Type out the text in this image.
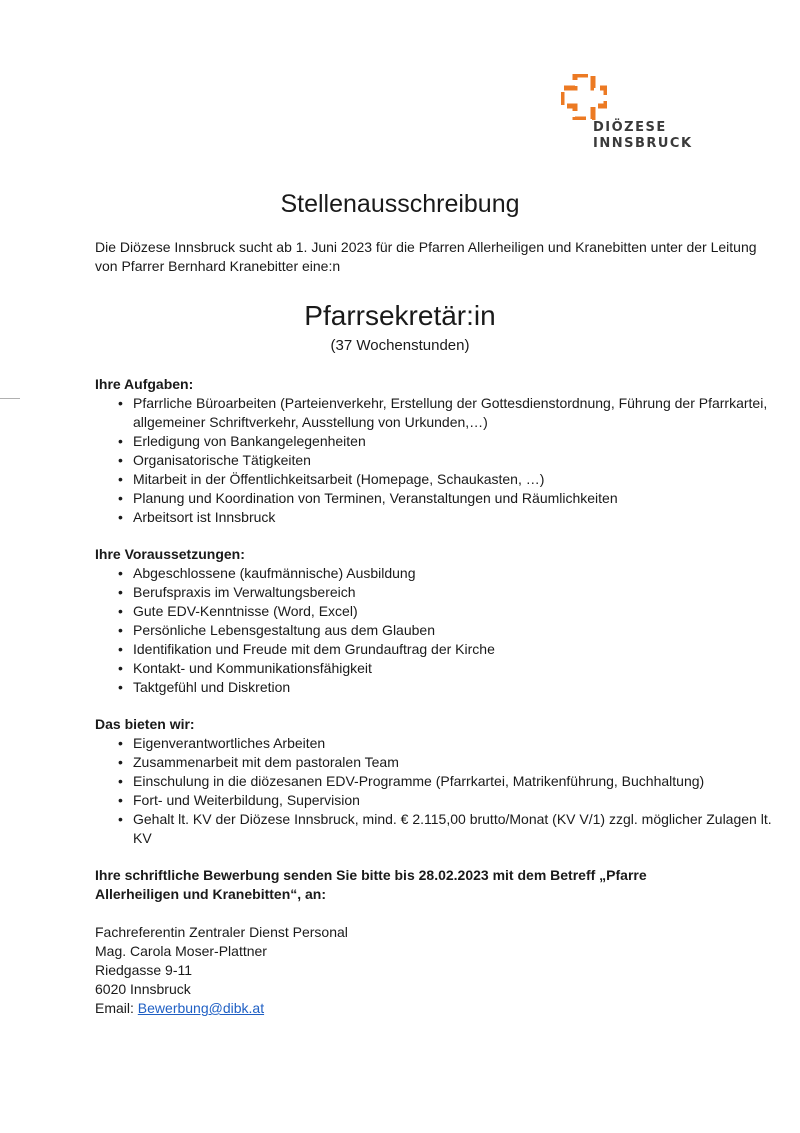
DIÖZESE
INNSBRUCK
Stellenausschreibung

Die Diözese Innsbruck sucht ab 1. Juni 2023 für die Pfarren Allerheiligen und Kranebitten unter der Leitung von Pfarrer Bernhard Kranebitter eine:n

Pfarrsekretär:in

(37 Wochenstunden)

Ihre Aufgaben:
• Pfarrliche Büroarbeiten (Parteienverkehr, Erstellung der Gottesdienstordnung, Führung der Pfarrkartei, allgemeiner Schriftverkehr, Ausstellung von Urkunden,…)
• Erledigung von Bankangelegenheiten
• Organisatorische Tätigkeiten
• Mitarbeit in der Öffentlichkeitsarbeit (Homepage, Schaukasten, …)
• Planung und Koordination von Terminen, Veranstaltungen und Räumlichkeiten
• Arbeitsort ist Innsbruck
Ihre Voraussetzungen:
• Abgeschlossene (kaufmännische) Ausbildung
• Berufspraxis im Verwaltungsbereich
• Gute EDV-Kenntnisse (Word, Excel)
• Persönliche Lebensgestaltung aus dem Glauben
• Identifikation und Freude mit dem Grundauftrag der Kirche
• Kontakt- und Kommunikationsfähigkeit
• Taktgefühl und Diskretion
Das bieten wir:
• Eigenverantwortliches Arbeiten
• Zusammenarbeit mit dem pastoralen Team
• Einschulung in die diözesanen EDV-Programme (Pfarrkartei, Matrikenführung, Buchhaltung)
• Fort- und Weiterbildung, Supervision
• Gehalt lt. KV der Diözese Innsbruck, mind. € 2.115,00 brutto/Monat (KV V/1) zzgl. möglicher Zulagen lt. KV

Ihre schriftliche Bewerbung senden Sie bitte bis 28.02.2023 mit dem Betreff „Pfarre Allerheiligen und Kranebitten“, an:

Fachreferentin Zentraler Dienst Personal
Mag. Carola Moser-Plattner
Riedgasse 9-11
6020 Innsbruck
Email: Bewerbung@dibk.at
